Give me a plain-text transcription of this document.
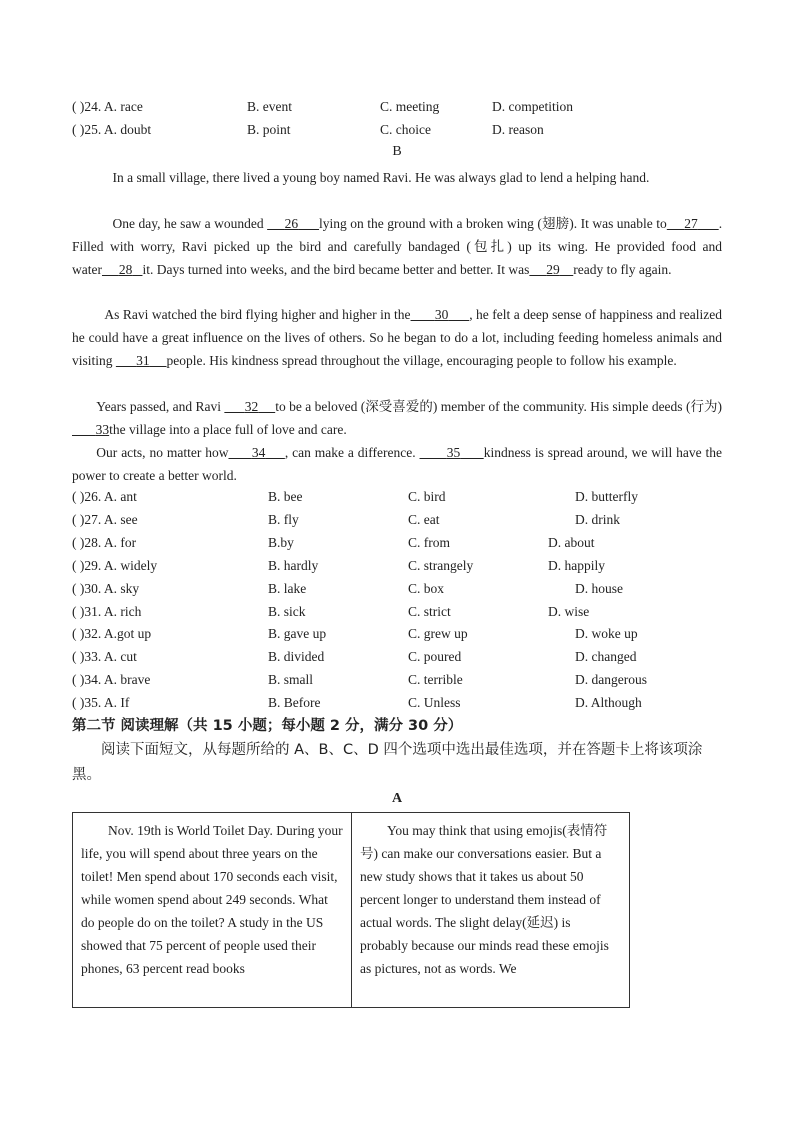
( )24. A. race	B. event	C. meeting	D. competition
( )25. A. doubt	B. point	C. choice	D. reason
B
In a small village, there lived a young boy named Ravi. He was always glad to lend a helping hand.
One day, he saw a wounded      26 lying on the ground with a broken wing (翅膀). It was unable to 27 . Filled with worry, Ravi picked up the bird and carefully bandaged (包扎) up its wing. He provided food and water 28 it. Days turned into weeks, and the bird became better and better. It was 29 ready to fly again.
As Ravi watched the bird flying higher and higher in the 30 , he felt a deep sense of happiness and realized he could have a great influence on the lives of others. So he began to do a lot, including feeding homeless animals and visiting       31 people. His kindness spread throughout the village, encouraging people to follow his example.
Years passed, and Ravi       32 to be a beloved (深受喜爱的) member of the community. His simple deeds (行为)        33the village into a place full of love and care.
Our acts, no matter how 34 , can make a difference.        35 kindness is spread around, we will have the power to create a better world.
( )26. A. ant	B. bee	C. bird	D. butterfly
( )27. A. see	B. fly	C. eat	D. drink
( )28. A. for	B.by	C. from	D. about
( )29. A. widely	B. hardly	C. strangely	D. happily
( )30. A. sky	B. lake	C. box	D. house
( )31. A. rich	B. sick	C. strict	D. wise
( )32. A.got up	B. gave up	C. grew up	D. woke up
( )33. A. cut	B. divided	C. poured	D. changed
( )34. A. brave	B. small	C. terrible	D. dangerous
( )35. A. If	B. Before	C. Unless	D. Although
第二节 阅读理解（共 15 小题；每小题 2 分，满分 30 分）
阅读下面短文，从每题所给的 A、B、C、D 四个选项中选出最佳选项，并在答题卡上将该项涂黑。
A
Nov. 19th is World Toilet Day. During your life, you will spend about three years on the toilet! Men spend about 170 seconds each visit, while women spend about 249 seconds. What do people do on the toilet? A study in the US showed that 75 percent of people used their phones, 63 percent read books
You may think that using emojis(表情符号) can make our conversations easier. But a new study shows that it takes us about 50 percent longer to understand them instead of actual words. The slight delay(延迟) is probably because our minds read these emojis as pictures, not as words. We
